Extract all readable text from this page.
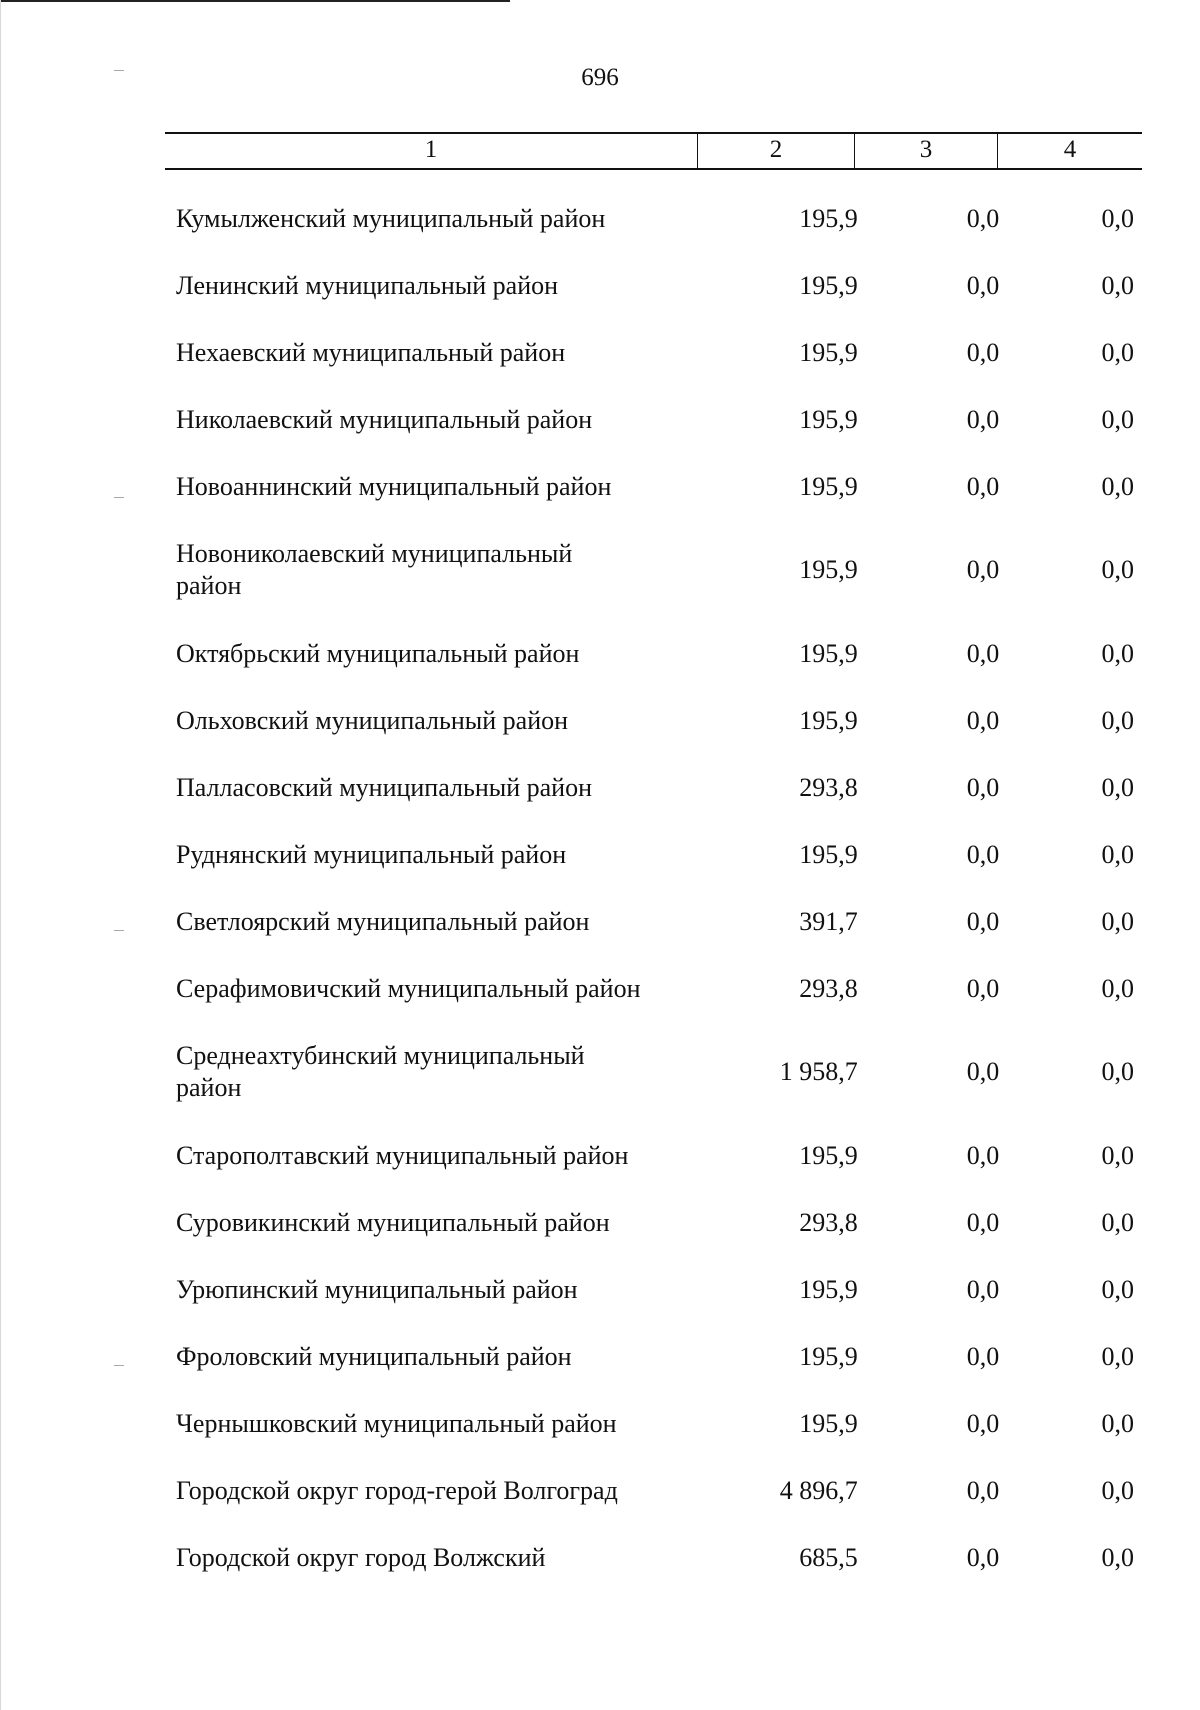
696
1	2	3	4
Кумылженский муниципальный район	195,9	0,0	0,0
Ленинский муниципальный район	195,9	0,0	0,0
Нехаевский муниципальный район	195,9	0,0	0,0
Николаевский муниципальный район	195,9	0,0	0,0
Новоаннинский муниципальный район	195,9	0,0	0,0
Новониколаевский муниципальный
район	195,9	0,0	0,0
Октябрьский муниципальный район	195,9	0,0	0,0
Ольховский муниципальный район	195,9	0,0	0,0
Палласовский муниципальный район	293,8	0,0	0,0
Руднянский муниципальный район	195,9	0,0	0,0
Светлоярский муниципальный район	391,7	0,0	0,0
Серафимовичский муниципальный район	293,8	0,0	0,0
Среднеахтубинский муниципальный
район	1 958,7	0,0	0,0
Старополтавский муниципальный район	195,9	0,0	0,0
Суровикинский муниципальный район	293,8	0,0	0,0
Урюпинский муниципальный район	195,9	0,0	0,0
Фроловский муниципальный район	195,9	0,0	0,0
Чернышковский муниципальный район	195,9	0,0	0,0
Городской округ город-герой Волгоград	4 896,7	0,0	0,0
Городской округ город Волжский	685,5	0,0	0,0
